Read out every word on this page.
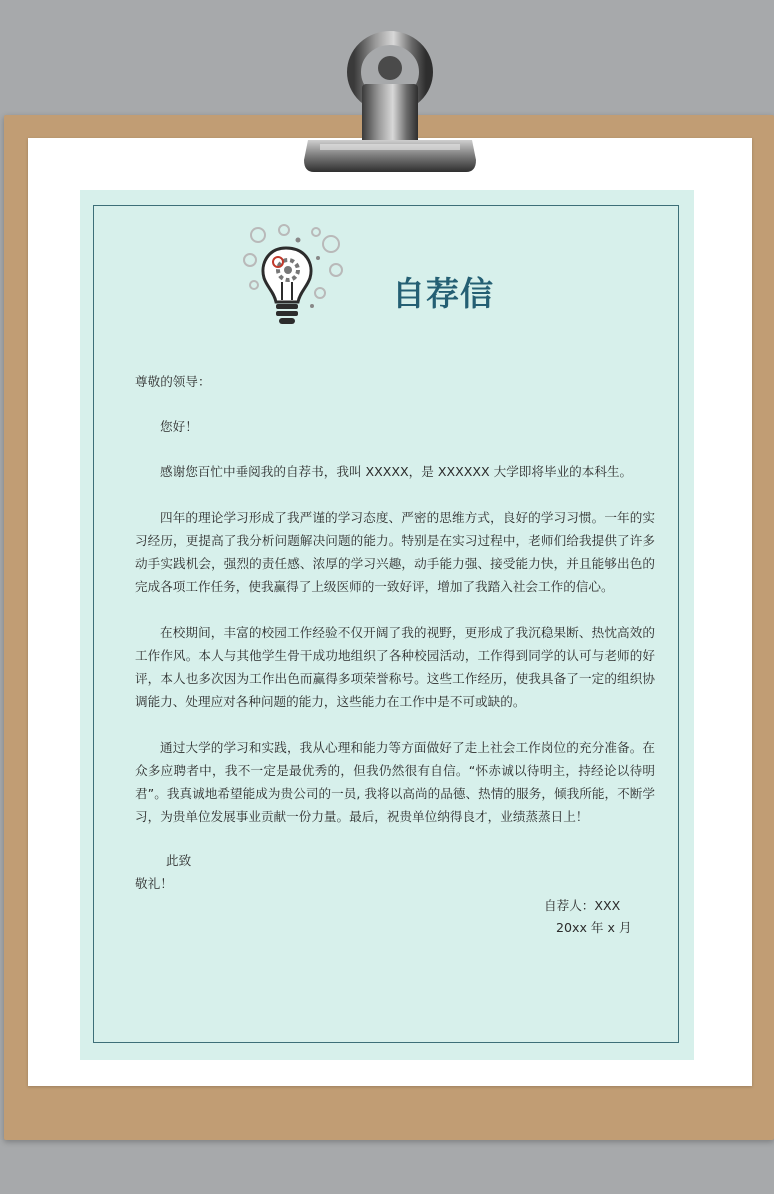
自荐信

尊敬的领导：

您好！

感谢您百忙中垂阅我的自荐书，我叫 XXXXX，是 XXXXXX 大学即将毕业的本科生。

四年的理论学习形成了我严谨的学习态度、严密的思维方式，良好的学习习惯。一年的实习经历，更提高了我分析问题解决问题的能力。特别是在实习过程中，老师们给我提供了许多动手实践机会，强烈的责任感、浓厚的学习兴趣，动手能力强、接受能力快，并且能够出色的完成各项工作任务，使我赢得了上级医师的一致好评，增加了我踏入社会工作的信心。

在校期间，丰富的校园工作经验不仅开阔了我的视野，更形成了我沉稳果断、热忱高效的工作作风。本人与其他学生骨干成功地组织了各种校园活动，工作得到同学的认可与老师的好评，本人也多次因为工作出色而赢得多项荣誉称号。这些工作经历，使我具备了一定的组织协调能力、处理应对各种问题的能力，这些能力在工作中是不可或缺的。

通过大学的学习和实践，我从心理和能力等方面做好了走上社会工作岗位的充分准备。在众多应聘者中，我不一定是最优秀的，但我仍然很有自信。“怀赤诚以待明主，持经论以待明君”。我真诚地希望能成为贵公司的一员, 我将以高尚的品德、热情的服务，倾我所能，不断学习，为贵单位发展事业贡献一份力量。最后，祝贵单位纳得良才，业绩蒸蒸日上！

此致

敬礼！

自荐人：XXX
20xx 年 x 月
